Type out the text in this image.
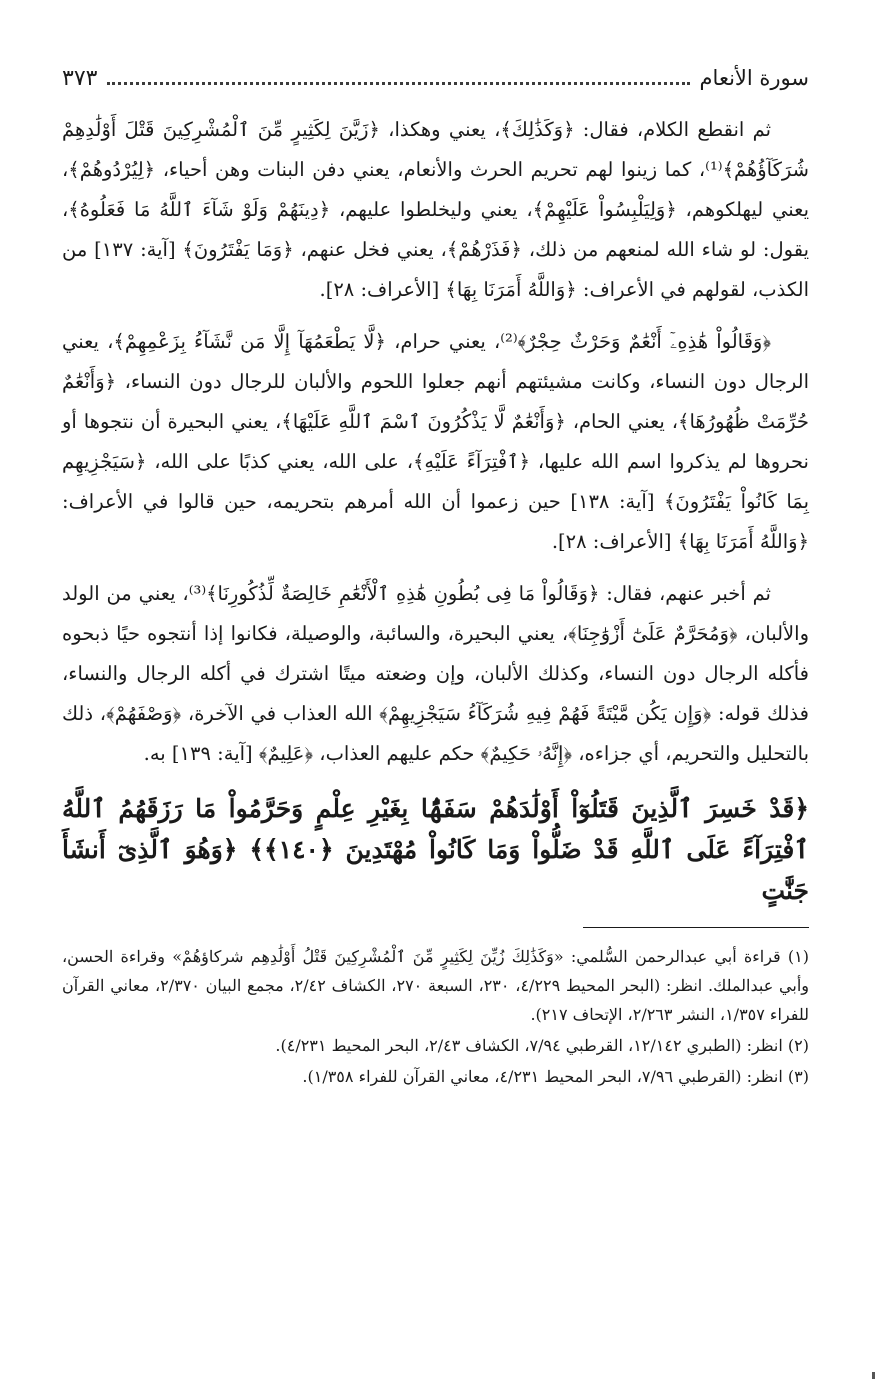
سورة الأنعام
٣٧٣

ثم انقطع الكلام، فقال: ﴿وَكَذَٰلِكَ﴾، يعني وهكذا، ﴿زَيَّنَ لِكَثِيرٍ مِّنَ ٱلْمُشْرِكِينَ قَتْلَ أَوْلَٰدِهِمْ شُرَكَآؤُهُمْ﴾⁽¹⁾، كما زينوا لهم تحريم الحرث والأنعام، يعني دفن البنات وهن أحياء، ﴿لِيُرْدُوهُمْ﴾، يعني ليهلكوهم، ﴿وَلِيَلْبِسُواْ عَلَيْهِمْ﴾، يعني وليخلطوا عليهم، ﴿دِينَهُمْ وَلَوْ شَآءَ ٱللَّهُ مَا فَعَلُوهُ﴾، يقول: لو شاء الله لمنعهم من ذلك، ﴿فَذَرْهُمْ﴾، يعني فخل عنهم، ﴿وَمَا يَفْتَرُونَ﴾ [آية: ١٣٧] من الكذب، لقولهم في الأعراف: ﴿وَاللَّهُ أَمَرَنَا بِهَا﴾ [الأعراف: ٢٨].

﴿وَقَالُواْ هَٰذِهِۦٓ أَنْعَٰمٌ وَحَرْثٌ حِجْرٌ﴾⁽²⁾، يعني حرام، ﴿لَّا يَطْعَمُهَآ إِلَّا مَن نَّشَآءُ بِزَعْمِهِمْ﴾، يعني الرجال دون النساء، وكانت مشيئتهم أنهم جعلوا اللحوم والألبان للرجال دون النساء، ﴿وَأَنْعَٰمٌ حُرِّمَتْ ظُهُورُهَا﴾، يعني الحام، ﴿وَأَنْعَٰمٌ لَّا يَذْكُرُونَ ٱسْمَ ٱللَّهِ عَلَيْهَا﴾، يعني البحيرة أن نتجوها أو نحروها لم يذكروا اسم الله عليها، ﴿ٱفْتِرَآءً عَلَيْهِ﴾، على الله، يعني كذبًا على الله، ﴿سَيَجْزِيهِم بِمَا كَانُواْ يَفْتَرُونَ﴾ [آية: ١٣٨] حين زعموا أن الله أمرهم بتحريمه، حين قالوا في الأعراف: ﴿وَاللَّهُ أَمَرَنَا بِهَا﴾ [الأعراف: ٢٨].

ثم أخبر عنهم، فقال: ﴿وَقَالُواْ مَا فِى بُطُونِ هَٰذِهِ ٱلْأَنْعَٰمِ خَالِصَةٌ لِّذُكُورِنَا﴾⁽³⁾، يعني من الولد والألبان، ﴿وَمُحَرَّمٌ عَلَىٰٓ أَزْوَٰجِنَا﴾، يعني البحيرة، والسائبة، والوصيلة، فكانوا إذا أنتجوه حيًا ذبحوه فأكله الرجال دون النساء، وكذلك الألبان، وإن وضعته ميتًا اشترك في أكله الرجال والنساء، فذلك قوله: ﴿وَإِن يَكُن مَّيْتَةً فَهُمْ فِيهِ شُرَكَآءُ سَيَجْزِيهِمْ﴾ الله العذاب في الآخرة، ﴿وَصْفَهُمْ﴾، ذلك بالتحليل والتحريم، أي جزاءه، ﴿إِنَّهُۥ حَكِيمٌ﴾ حكم عليهم العذاب، ﴿عَلِيمٌ﴾ [آية: ١٣٩] به.

﴿قَدْ خَسِرَ ٱلَّذِينَ قَتَلُوٓاْ أَوْلَٰدَهُمْ سَفَهًۢا بِغَيْرِ عِلْمٍ وَحَرَّمُواْ مَا رَزَقَهُمُ ٱللَّهُ ٱفْتِرَآءً عَلَى ٱللَّهِ قَدْ ضَلُّواْ وَمَا كَانُواْ مُهْتَدِينَ ﴿١٤٠﴾﴾ ﴿وَهُوَ ٱلَّذِىٓ أَنشَأَ جَنَّٰتٍ

(١) قراءة أبي عبدالرحمن السُّلمي: «وَكَذَٰلِكَ زُيِّنَ لِكَثِيرٍ مِّنَ ٱلْمُشْرِكِينَ قَتْلُ أَوْلَٰدِهِم شركاؤهُمْ» وقراءة الحسن، وأبي عبدالملك. انظر: (البحر المحيط ٤/٢٢٩، ٢٣٠، السبعة ٢٧٠، الكشاف ٢/٤٢، مجمع البيان ٢/٣٧٠، معاني القرآن للفراء ١/٣٥٧، النشر ٢/٢٦٣، الإتحاف ٢١٧).

(٢) انظر: (الطبري ١٢/١٤٢، القرطبي ٧/٩٤، الكشاف ٢/٤٣، البحر المحيط ٤/٢٣١).

(٣) انظر: (القرطبي ٧/٩٦، البحر المحيط ٤/٢٣١، معاني القرآن للفراء ١/٣٥٨).
